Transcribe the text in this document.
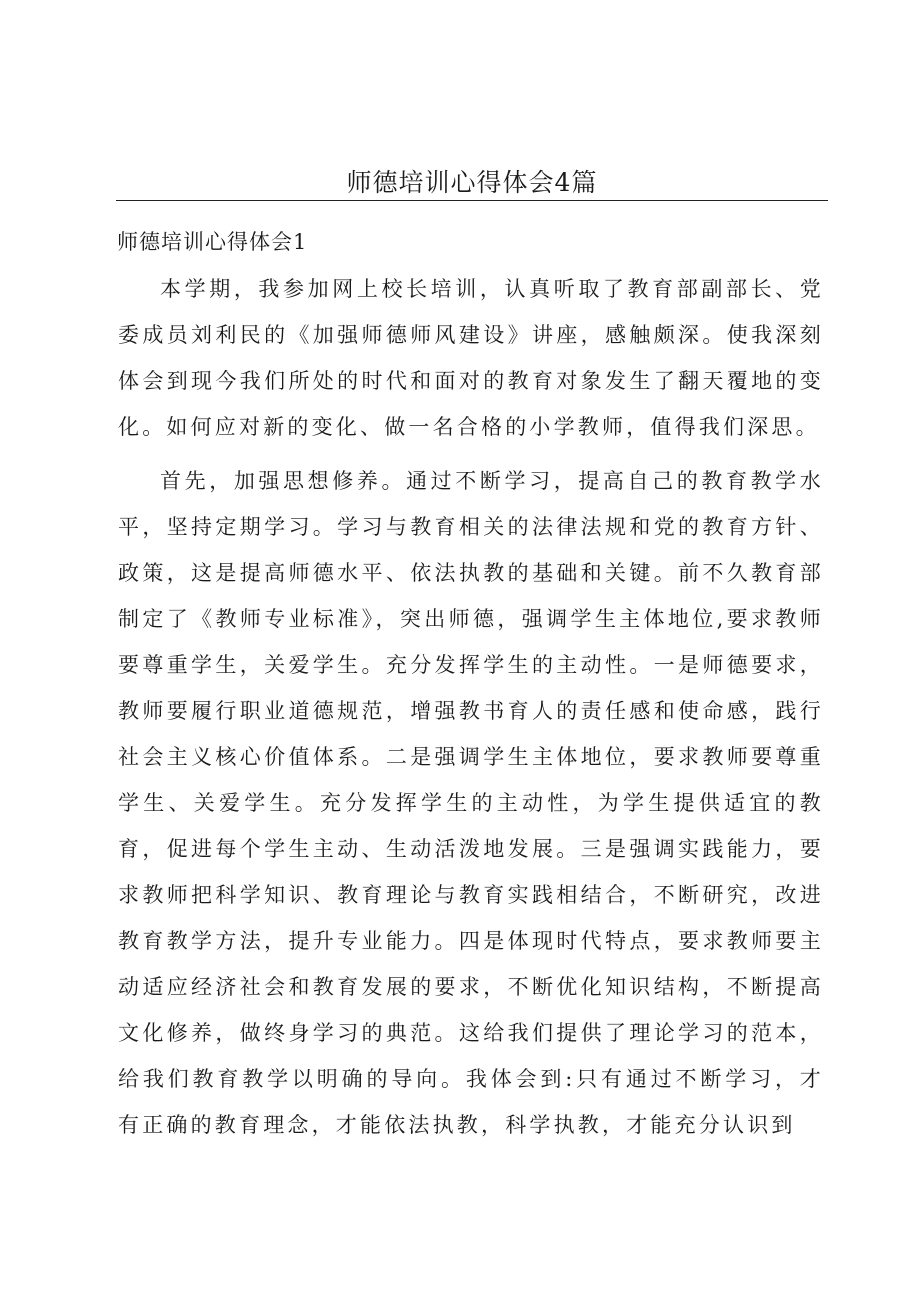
师德培训心得体会4篇
师德培训心得体会1

本学期，我参加网上校长培训，认真听取了教育部副部长、党委成员刘利民的《加强师德师风建设》讲座，感触颇深。使我深刻体会到现今我们所处的时代和面对的教育对象发生了翻天覆地的变化。如何应对新的变化、做一名合格的小学教师，值得我们深思。

首先，加强思想修养。通过不断学习，提高自己的教育教学水平，坚持定期学习。学习与教育相关的法律法规和党的教育方针、政策，这是提高师德水平、依法执教的基础和关键。前不久教育部制定了《教师专业标准》，突出师德，强调学生主体地位,要求教师要尊重学生，关爱学生。充分发挥学生的主动性。一是师德要求，教师要履行职业道德规范，增强教书育人的责任感和使命感，践行社会主义核心价值体系。二是强调学生主体地位，要求教师要尊重学生、关爱学生。充分发挥学生的主动性，为学生提供适宜的教育，促进每个学生主动、生动活泼地发展。三是强调实践能力，要求教师把科学知识、教育理论与教育实践相结合，不断研究，改进教育教学方法，提升专业能力。四是体现时代特点，要求教师要主动适应经济社会和教育发展的要求，不断优化知识结构，不断提高文化修养，做终身学习的典范。这给我们提供了理论学习的范本，给我们教育教学以明确的导向。我体会到:只有通过不断学习，才有正确的教育理念，才能依法执教，科学执教，才能充分认识到
